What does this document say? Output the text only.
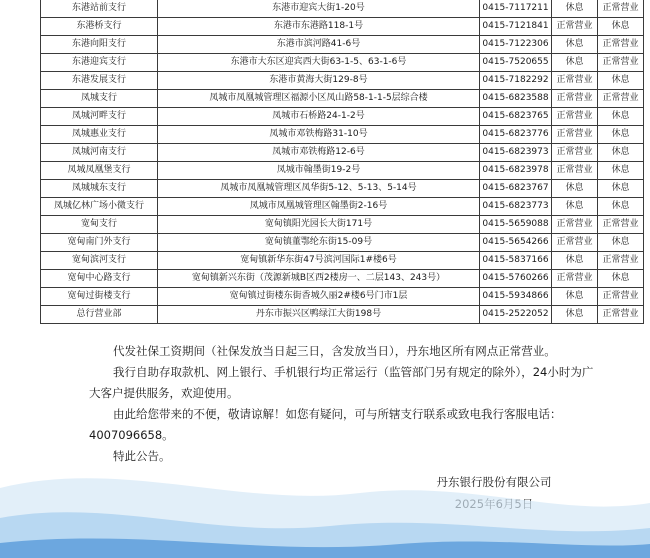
东港站前支行	东港市迎宾大街1-20号	0415-7117211	休息	正常营业
东港桥支行	东港市东港路118-1号	0415-7121841	正常营业	休息
东港向阳支行	东港市滨河路41-6号	0415-7122306	休息	正常营业
东港迎宾支行	东港市大东区迎宾西大街63-1-5、63-1-6号	0415-7520655	休息	正常营业
东港发展支行	东港市黄海大街129-8号	0415-7182292	正常营业	休息
凤城支行	凤城市凤凰城管理区福源小区凤山路58-1-1-5层综合楼	0415-6823588	正常营业	正常营业
凤城河畔支行	凤城市石桥路24-1-2号	0415-6823765	正常营业	休息
凤城惠业支行	凤城市邓铁梅路31-10号	0415-6823776	正常营业	休息
凤城河南支行	凤城市邓铁梅路12-6号	0415-6823973	正常营业	休息
凤城凤凰堡支行	凤城市翰墨街19-2号	0415-6823978	正常营业	休息
凤城城东支行	凤城市凤凰城管理区凤华街5-12、5-13、5-14号	0415-6823767	休息	休息
凤城亿林广场小微支行	凤城市凤凰城管理区翰墨街2-16号	0415-6823773	休息	休息
宽甸支行	宽甸镇阳光园长大街171号	0415-5659088	正常营业	正常营业
宽甸南门外支行	宽甸镇董鄂纶东街15-09号	0415-5654266	正常营业	休息
宽甸滨河支行	宽甸镇新华东街47号滨河国际1#楼6号	0415-5837166	休息	正常营业
宽甸中心路支行	宽甸镇新兴东街（茂源新城B区西2楼房一、二层143、243号）	0415-5760266	正常营业	休息
宽甸过街楼支行	宽甸镇过街楼东街香城久丽2#楼6号门市1层	0415-5934866	休息	正常营业
总行营业部	丹东市振兴区鸭绿江大街198号	0415-2522052	休息	正常营业

代发社保工资期间（社保发放当日起三日，含发放当日），丹东地区所有网点正常营业。

我行自助存取款机、网上银行、手机银行均正常运行（监管部门另有规定的除外），24小时为广大客户提供服务，欢迎使用。

由此给您带来的不便，敬请谅解！如您有疑问，可与所辖支行联系或致电我行客服电话：4007096658。

特此公告。

丹东银行股份有限公司
